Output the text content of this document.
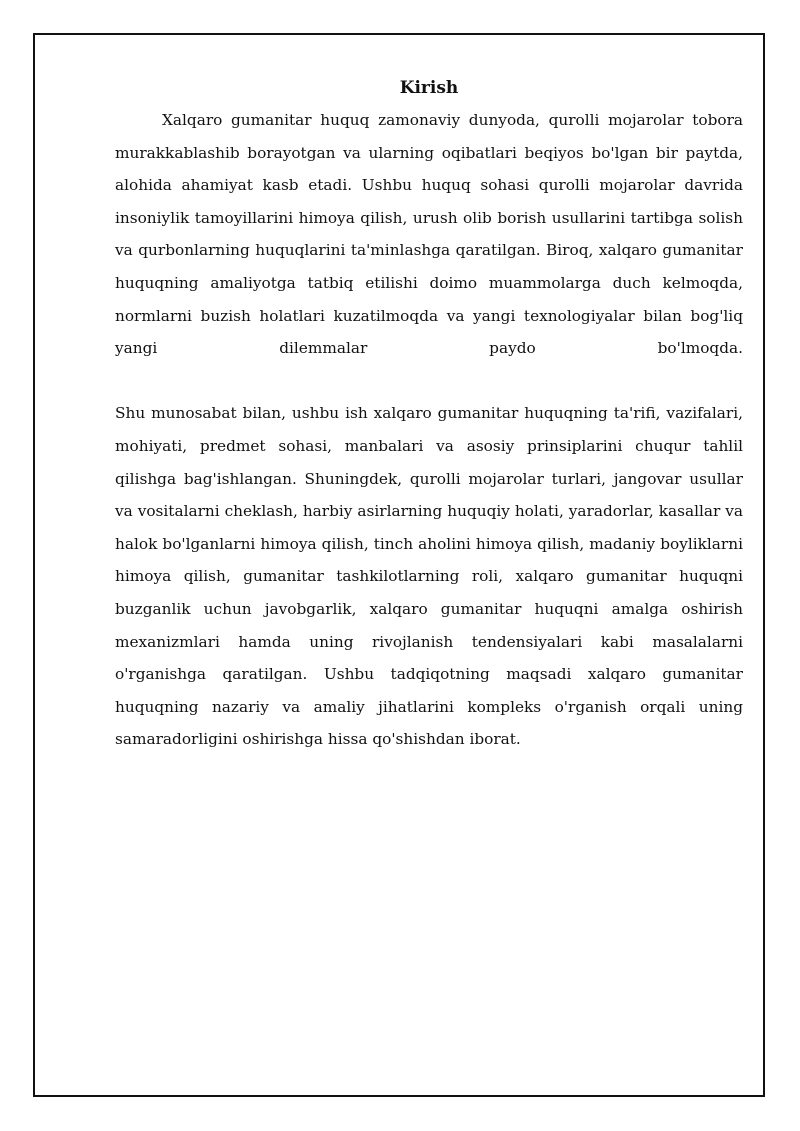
Kirish

Xalqaro gumanitar huquq zamonaviy dunyoda, qurolli mojarolar tobora murakkablashib borayotgan va ularning oqibatlari beqiyos bo'lgan bir paytda, alohida ahamiyat kasb etadi. Ushbu huquq sohasi qurolli mojarolar davrida insoniylik tamoyillarini himoya qilish, urush olib borish usullarini tartibga solish va qurbonlarning huquqlarini ta'minlashga qaratilgan. Biroq, xalqaro gumanitar huquqning amaliyotga tatbiq etilishi doimo muammolarga duch kelmoqda, normlarni buzish holatlari kuzatilmoqda va yangi texnologiyalar bilan bog'liq yangi dilemmalar paydo bo'lmoqda.

Shu munosabat bilan, ushbu ish xalqaro gumanitar huquqning ta'rifi, vazifalari, mohiyati, predmet sohasi, manbalari va asosiy prinsiplarini chuqur tahlil qilishga bag'ishlangan. Shuningdek, qurolli mojarolar turlari, jangovar usullar va vositalarni cheklash, harbiy asirlarning huquqiy holati, yaradorlar, kasallar va halok bo'lganlarni himoya qilish, tinch aholini himoya qilish, madaniy boyliklarni himoya qilish, gumanitar tashkilotlarning roli, xalqaro gumanitar huquqni buzganlik uchun javobgarlik, xalqaro gumanitar huquqni amalga oshirish mexanizmlari hamda uning rivojlanish tendensiyalari kabi masalalarni o'rganishga qaratilgan. Ushbu tadqiqotning maqsadi xalqaro gumanitar huquqning nazariy va amaliy jihatlarini kompleks o'rganish orqali uning samaradorligini oshirishga hissa qo'shishdan iborat.
